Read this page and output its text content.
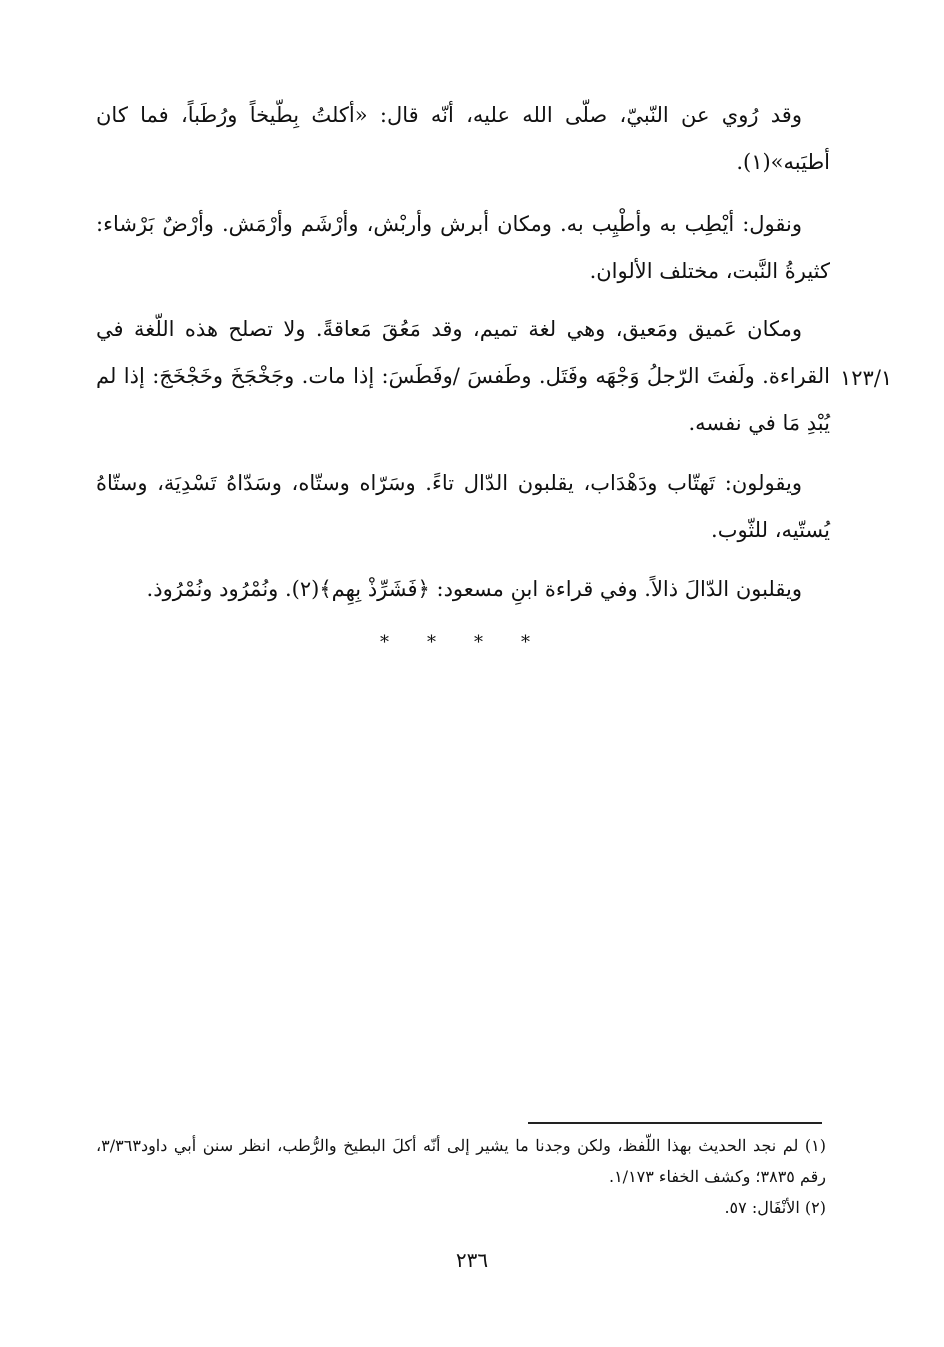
وقد رُوي عن النّبيّ، صلّى الله عليه، أنّه قال: «أكلتُ بِطّيخاً ورُطَباً، فما كان أطيَبه»(١).

ونقول: أيْطِب به وأطْيِب به. ومكان أبرش وأربْش، وأرْشَم وأرْمَش. وأرْضٌ بَرْشاء: كثيرةُ النَّبت، مختلف الألوان.

ومكان عَميق ومَعيق، وهي لغة تميم، وقد مَعُقَ مَعاقةً. ولا تصلح هذه اللّغة في القراءة. ولَفتَ الرّجلُ وَجْهَه وفَتَل. وطَفسَ /وفَطَسَ: إذا مات. وجَخْجَخَ وخَجْخَجَ: إذا لم يُبْدِ مَا في نفسه.

١٢٣/١

ويقولون: تَهتّاب ودَهْدَاب، يقلبون الدّال تاءً. وسَرّاه وستّاه، وسَدّاهُ تَسْدِيَة، وستّاهُ يُستّيه، للثّوب.

ويقلبون الدّالَ ذالاً. وفي قراءة ابنِ مسعود: ﴿فَشَرِّذْ بِهِم﴾(٢). ونُمْرُود ونُمْرُوذ.

* * * *

(١) لم نجد الحديث بهذا اللّفظ، ولكن وجدنا ما يشير إلى أنّه أكلَ البطيخ والرُّطب، انظر سنن أبي داود٣/٣٦٣، رقم ٣٨٣٥؛ وكشف الخفاء ١/١٧٣.

(٢) الأنْفَال: ٥٧.

٢٣٦
